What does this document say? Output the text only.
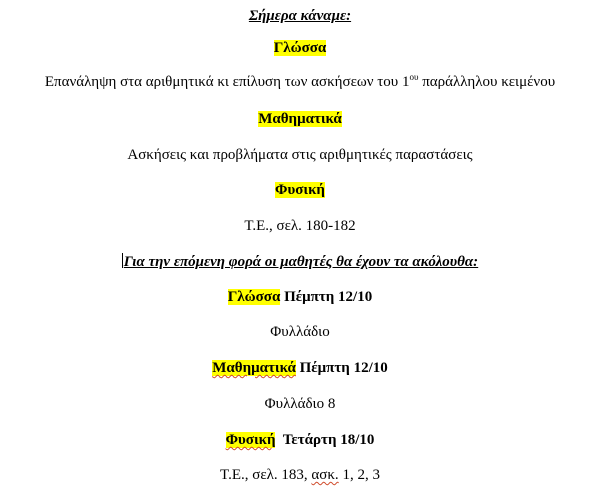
Σήμερα κάναμε:
Γλώσσα
Επανάληψη στα αριθμητικά κι επίλυση των ασκήσεων του $1^{o\upsilon}$ παράλληλου κειμένου
Μαθηματικά
Ασκήσεις και προβλήματα στις αριθμητικές παραστάσεις
Φυσική
Τ.Ε., σελ. 180-182
Για την επόμενη φορά οι μαθητές θα έχουν τα ακόλουθα:
Γλώσσα Πέμπτη 12/10
Φυλλάδιο
Μαθηματικά Πέμπτη 12/10
Φυλλάδιο 8
Φυσική  Τετάρτη 18/10
Τ.Ε., σελ. 183, ασκ. 1, 2, 3
